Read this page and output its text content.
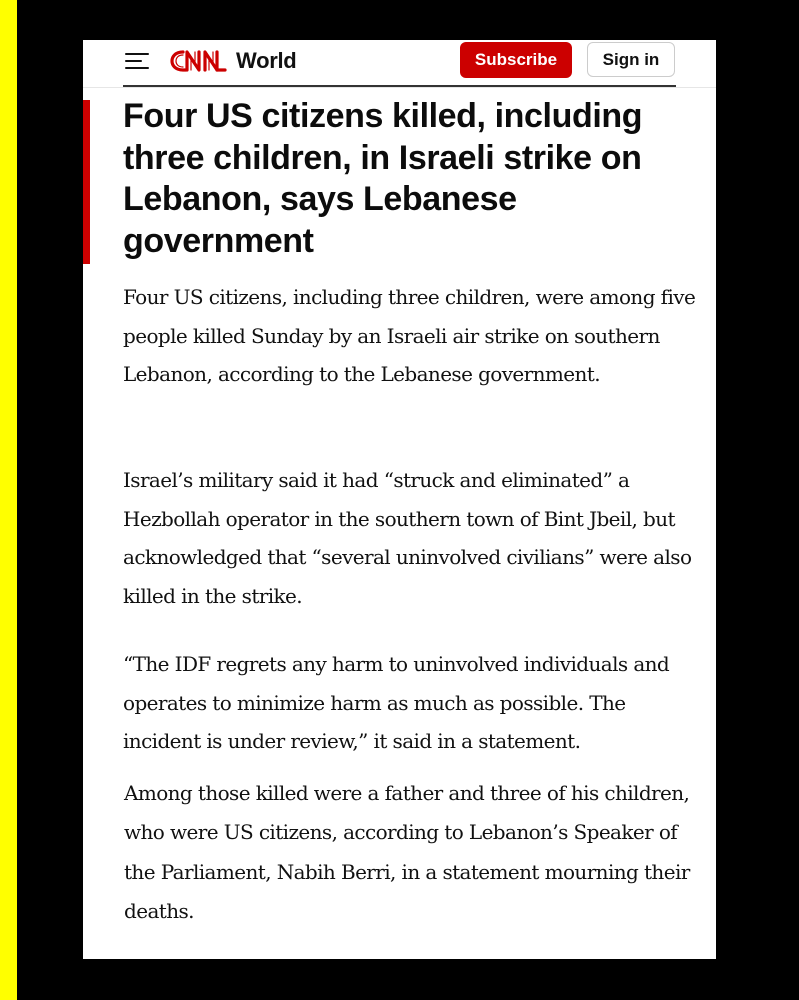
World	Subscribe	Sign in
Four US citizens killed, including three children, in Israeli strike on Lebanon, says Lebanese government

Four US citizens, including three children, were among five people killed Sunday by an Israeli air strike on southern Lebanon, according to the Lebanese government.

Israel’s military said it had “struck and eliminated” a Hezbollah operator in the southern town of Bint Jbeil, but acknowledged that “several uninvolved civilians” were also killed in the strike.

“The IDF regrets any harm to uninvolved individuals and operates to minimize harm as much as possible. The incident is under review,” it said in a statement.

Among those killed were a father and three of his children, who were US citizens, according to Lebanon’s Speaker of the Parliament, Nabih Berri, in a statement mourning their deaths.
